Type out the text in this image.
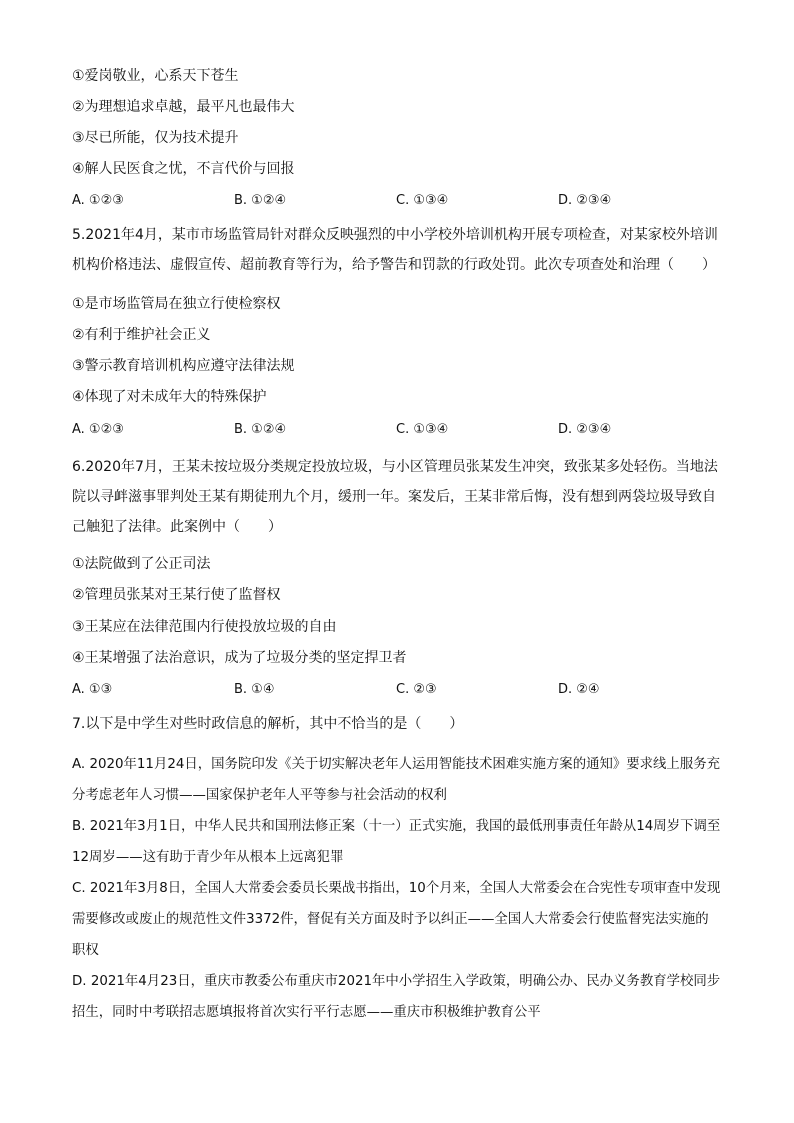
①爱岗敬业，心系天下苍生
②为理想追求卓越，最平凡也最伟大
③尽已所能，仅为技术提升
④解人民医食之忧，不言代价与回报
A. ①②③	B. ①②④	C. ①③④	D. ②③④
5.2021年4月，某市市场监管局针对群众反映强烈的中小学校外培训机构开展专项检查，对某家校外培训机构价格违法、虚假宣传、超前教育等行为，给予警告和罚款的行政处罚。此次专项查处和治理（　　）
①是市场监管局在独立行使检察权
②有利于维护社会正义
③警示教育培训机构应遵守法律法规
④体现了对未成年大的特殊保护
A. ①②③	B. ①②④	C. ①③④	D. ②③④
6.2020年7月，王某未按垃圾分类规定投放垃圾，与小区管理员张某发生冲突，致张某多处轻伤。当地法院以寻衅滋事罪判处王某有期徒刑九个月，缓刑一年。案发后，王某非常后悔，没有想到两袋垃圾导致自己触犯了法律。此案例中（　　）
①法院做到了公正司法
②管理员张某对王某行使了监督权
③王某应在法律范围内行使投放垃圾的自由
④王某增强了法治意识，成为了垃圾分类的坚定捍卫者
A. ①③	B. ①④	C. ②③	D. ②④
7.以下是中学生对些时政信息的解析，其中不恰当的是（　　）
A. 2020年11月24日，国务院印发《关于切实解决老年人运用智能技术困难实施方案的通知》要求线上服务充分考虑老年人习惯——国家保护老年人平等参与社会活动的权利
B. 2021年3月1日，中华人民共和国刑法修正案（十一）正式实施，我国的最低刑事责任年龄从14周岁下调至12周岁——这有助于青少年从根本上远离犯罪
C. 2021年3月8日，全国人大常委会委员长栗战书指出，10个月来，全国人大常委会在合宪性专项审查中发现需要修改或废止的规范性文件3372件，督促有关方面及时予以纠正——全国人大常委会行使监督宪法实施的职权
D. 2021年4月23日，重庆市教委公布重庆市2021年中小学招生入学政策，明确公办、民办义务教育学校同步招生，同时中考联招志愿填报将首次实行平行志愿——重庆市积极维护教育公平
